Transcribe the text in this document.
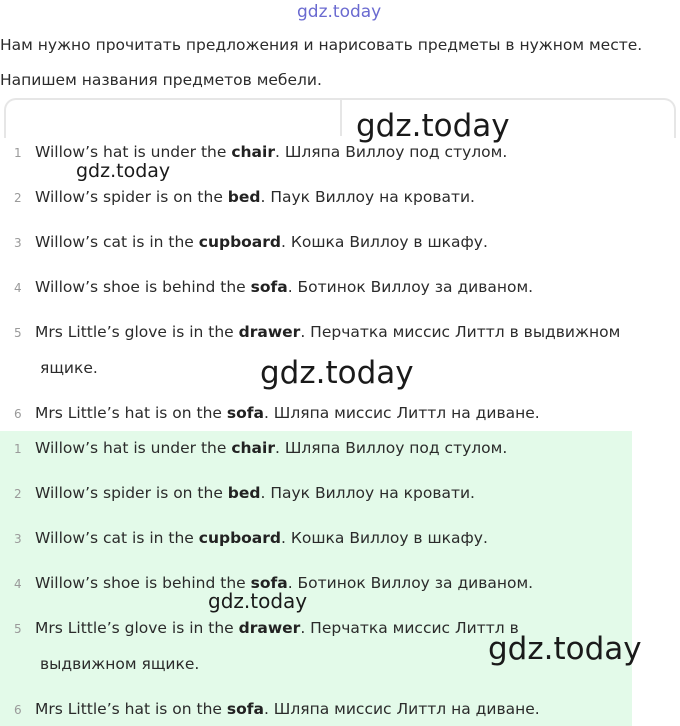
gdz.today
gdz.today
gdz.today
gdz.today
gdz.today
gdz.today
Нам нужно прочитать предложения и нарисовать предметы в нужном месте.
Напишем названия предметов мебели.
1 Willow’s hat is under the chair. Шляпа Виллоу под стулом.
2 Willow’s spider is on the bed. Паук Виллоу на кровати.
3 Willow’s cat is in the cupboard. Кошка Виллоу в шкафу.
4 Willow’s shoe is behind the sofa. Ботинок Виллоу за диваном.
5 Mrs Little’s glove is in the drawer. Перчатка миссис Литтл в выдвижном
ящике.
6 Mrs Little’s hat is on the sofa. Шляпа миссис Литтл на диване.
1 Willow’s hat is under the chair. Шляпа Виллоу под стулом.
2 Willow’s spider is on the bed. Паук Виллоу на кровати.
3 Willow’s cat is in the cupboard. Кошка Виллоу в шкафу.
4 Willow’s shoe is behind the sofa. Ботинок Виллоу за диваном.
5 Mrs Little’s glove is in the drawer. Перчатка миссис Литтл в
выдвижном ящике.
6 Mrs Little’s hat is on the sofa. Шляпа миссис Литтл на диване.
